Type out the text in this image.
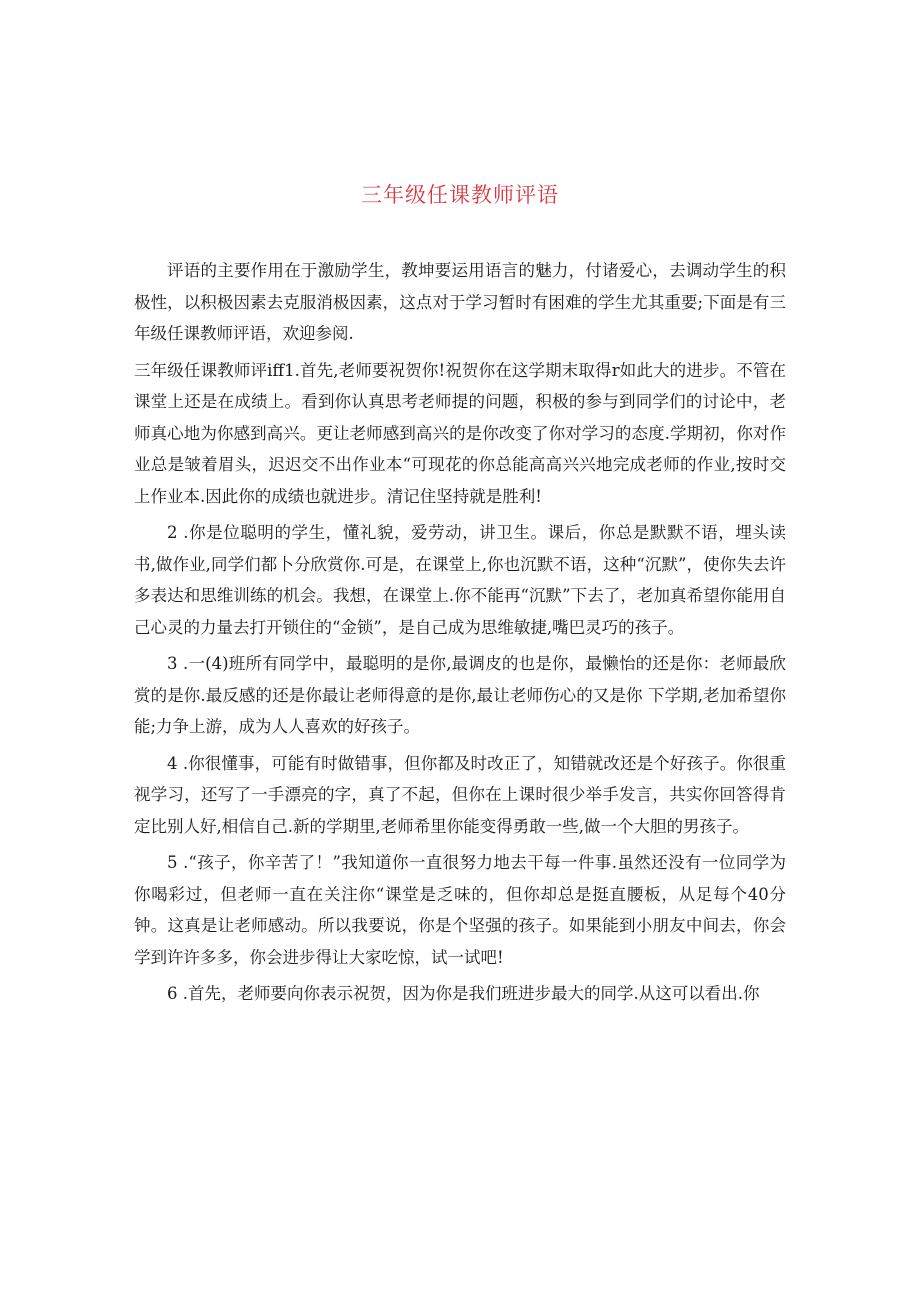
三年级任课教师评语

评语的主要作用在于激励学生，教坤要运用语言的魅力，付诸爱心，去调动学生的积极性，以积极因素去克服消极因素，这点对于学习暂时有困难的学生尤其重要;下面是有三年级任课教师评语，欢迎参阅.

三年级任课教师评iff1.首先,老师要祝贺你!祝贺你在这学期末取得r如此大的进步。不管在课堂上还是在成绩上。看到你认真思考老师提的问题，积极的参与到同学们的讨论中，老师真心地为你感到高兴。更让老师感到高兴的是你改变了你对学习的态度.学期初，你对作业总是皱着眉头，迟迟交不出作业本“可现花的你总能高高兴兴地完成老师的作业,按时交上作业本.因此你的成绩也就进步。清记住坚持就是胜利!

2 .你是位聪明的学生，懂礼貌，爱劳动，讲卫生。课后，你总是默默不语，埋头读书,做作业,同学们都卜分欣赏你.可是，在课堂上,你也沉默不语，这种“沉默”，使你失去许多表达和思维训练的机会。我想，在课堂上.你不能再“沉默”下去了，老加真希望你能用自己心灵的力量去打开锁住的“金锁”，是自己成为思维敏捷,嘴巴灵巧的孩子。

3 .一(4)班所有同学中，最聪明的是你,最调皮的也是你，最懒怡的还是你：老师最欣赏的是你.最反感的还是你最让老师得意的是你,最让老师伤心的又是你 下学期,老加希望你能;力争上游，成为人人喜欢的好孩子。

4 .你很懂事，可能有时做错事，但你都及时改正了，知错就改还是个好孩子。你很重视学习，还写了一手漂亮的字，真了不起，但你在上课时很少举手发言，共实你回答得肯定比别人好,相信自己.新的学期里,老师希里你能变得勇敢一些,做一个大胆的男孩子。

5 .“孩子，你辛苦了！”我知道你一直很努力地去干每一件事.虽然还没有一位同学为你喝彩过，但老师一直在关注你“课堂是乏味的，但你却总是挺直腰板，从足每个40分钟。这真是让老师感动。所以我要说，你是个坚强的孩子。如果能到小朋友中间去，你会学到许许多多，你会进步得让大家吃惊，试一试吧!

6 .首先，老师要向你表示祝贺，因为你是我们班进步最大的同学.从这可以看出.你
